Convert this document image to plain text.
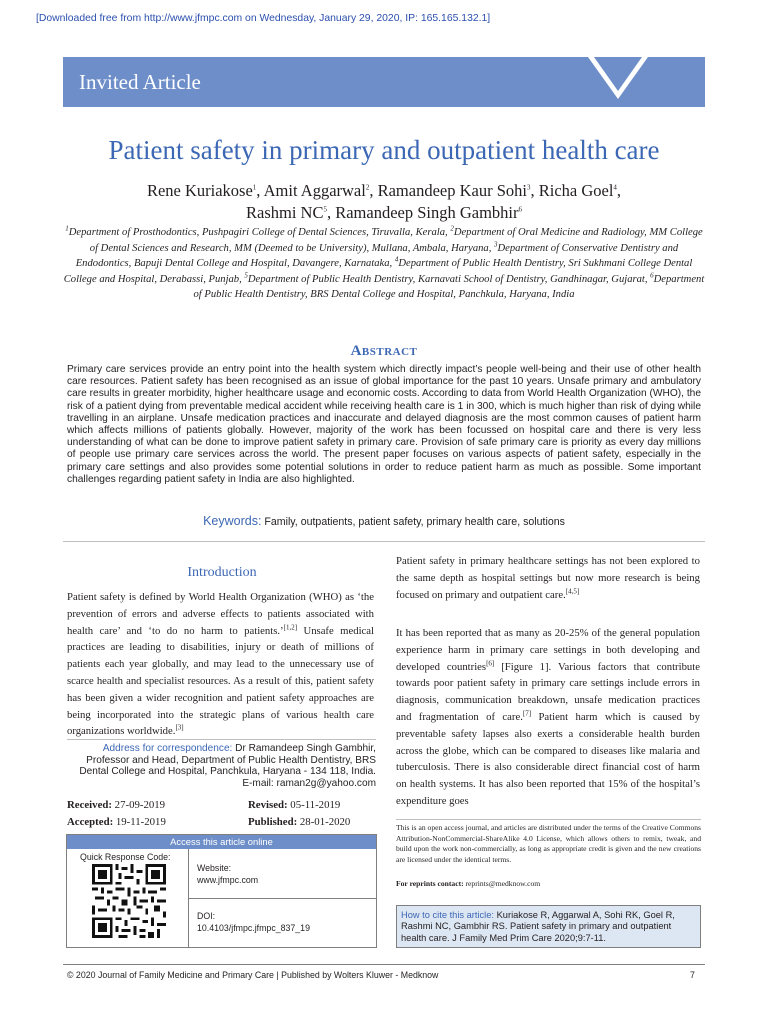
[Downloaded free from http://www.jfmpc.com on Wednesday, January 29, 2020, IP: 165.165.132.1]
Invited Article
Patient safety in primary and outpatient health care
Rene Kuriakose$^1$, Amit Aggarwal$^2$, Ramandeep Kaur Sohi$^3$, Richa Goel$^4$,
Rashmi $NC^5$, Ramandeep Singh Gambhir$^6$
$^1$Department of Prosthodontics, Pushpagiri College of Dental Sciences, Tiruvalla, Kerala, $^2$Department of Oral Medicine and Radiology, MM College of Dental Sciences and Research, MM (Deemed to be University), Mullana, Ambala, Haryana, $^3$Department of Conservative Dentistry and Endodontics, Bapuji Dental College and Hospital, Davangere, Karnataka, $^4$Department of Public Health Dentistry, Sri Sukhmani College Dental College and Hospital, Derabassi, Punjab, $^5$Department of Public Health Dentistry, Karnavati School of Dentistry, Gandhinagar, Gujarat, $^6$Department of Public Health Dentistry, BRS Dental College and Hospital, Panchkula, Haryana, India
Abstract
Primary care services provide an entry point into the health system which directly impact’s people well-being and their use of other health care resources. Patient safety has been recognised as an issue of global importance for the past 10 years. Unsafe primary and ambulatory care results in greater morbidity, higher healthcare usage and economic costs. According to data from World Health Organization (WHO), the risk of a patient dying from preventable medical accident while receiving health care is 1 in 300, which is much higher than risk of dying while travelling in an airplane. Unsafe medication practices and inaccurate and delayed diagnosis are the most common causes of patient harm which affects millions of patients globally. However, majority of the work has been focussed on hospital care and there is very less understanding of what can be done to improve patient safety in primary care. Provision of safe primary care is priority as every day millions of people use primary care services across the world. The present paper focuses on various aspects of patient safety, especially in the primary care settings and also provides some potential solutions in order to reduce patient harm as much as possible. Some important challenges regarding patient safety in India are also highlighted.
Keywords: Family, outpatients, patient safety, primary health care, solutions
Introduction
Patient safety is defined by World Health Organization (WHO) as ‘the prevention of errors and adverse effects to patients associated with health care’ and ‘to do no harm to patients.’[1,2] Unsafe medical practices are leading to disabilities, injury or death of millions of patients each year globally, and may lead to the unnecessary use of scarce health and specialist resources. As a result of this, patient safety has been given a wider recognition and patient safety approaches are being incorporated into the strategic plans of various health care organizations worldwide.[3]
Patient safety in primary healthcare settings has not been explored to the same depth as hospital settings but now more research is being focused on primary and outpatient care.[4,5]
It has been reported that as many as 20-25% of the general population experience harm in primary care settings in both developing and developed countries[6] [Figure 1]. Various factors that contribute towards poor patient safety in primary care settings include errors in diagnosis, communication breakdown, unsafe medication practices and fragmentation of care.[7] Patient harm which is caused by preventable safety lapses also exerts a considerable health burden across the globe, which can be compared to diseases like malaria and tuberculosis. There is also considerable direct financial cost of harm on health systems. It has also been reported that 15% of the hospital’s expenditure goes
Address for correspondence: Dr Ramandeep Singh Gambhir,
Professor and Head, Department of Public Health Dentistry, BRS
Dental College and Hospital, Panchkula, Haryana - 134 118, India.
E-mail: raman2g@yahoo.com
Received: 27-09-2019	Revised: 05-11-2019
Accepted: 19-11-2019	Published: 28-01-2020
Access this article online
Quick Response Code:
Website:
www.jfmpc.com
DOI:
10.4103/jfmpc.jfmpc_837_19
This is an open access journal, and articles are distributed under the terms of the Creative Commons Attribution-NonCommercial-ShareAlike 4.0 License, which allows others to remix, tweak, and build upon the work non-commercially, as long as appropriate credit is given and the new creations are licensed under the identical terms.
For reprints contact: reprints@medknow.com
How to cite this article: Kuriakose R, Aggarwal A, Sohi RK, Goel R, Rashmi NC, Gambhir RS. Patient safety in primary and outpatient health care. J Family Med Prim Care 2020;9:7-11.
© 2020 Journal of Family Medicine and Primary Care | Published by Wolters Kluwer - Medknow	7
